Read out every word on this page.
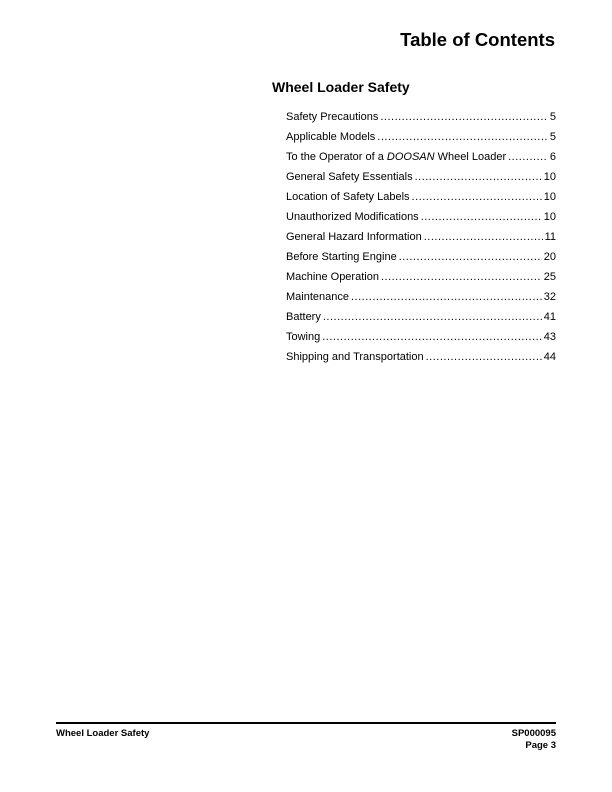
Table of Contents
Wheel Loader Safety
Safety Precautions .....	5
Applicable Models .....	5
To the Operator of a DOOSAN Wheel Loader .....	6
General Safety Essentials .....	10
Location of Safety Labels .....	10
Unauthorized Modifications .....	10
General Hazard Information .....	11
Before Starting Engine .....	20
Machine Operation .....	25
Maintenance .....	32
Battery .....	41
Towing .....	43
Shipping and Transportation .....	44
Wheel Loader Safety	SP000095
Page 3
